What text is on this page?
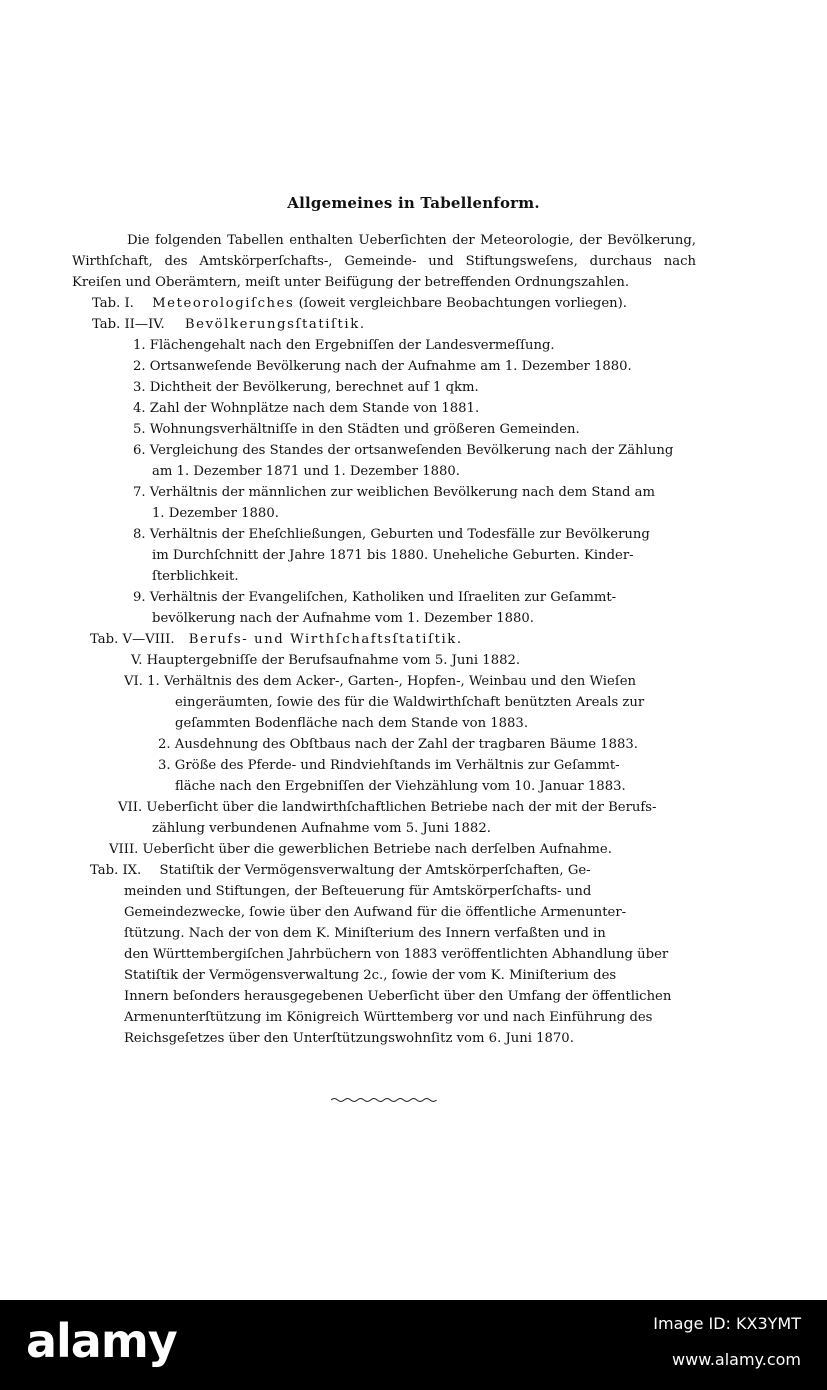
Allgemeines in Tabellenform.
Die folgenden Tabellen enthalten Ueberſichten der Meteorologie, der Bevölkerung,
Wirthſchaft, des Amtskörperſchafts-, Gemeinde- und Stiftungsweſens, durchaus nach
Kreiſen und Oberämtern, meiſt unter Beifügung der betreffenden Ordnungszahlen.
Tab. I. Meteorologiſches (ſoweit vergleichbare Beobachtungen vorliegen).
Tab. II—IV. Bevölkerungsſtatiſtik.
1. Flächengehalt nach den Ergebniſſen der Landesvermeſſung.
2. Ortsanweſende Bevölkerung nach der Aufnahme am 1. Dezember 1880.
3. Dichtheit der Bevölkerung, berechnet auf 1 qkm.
4. Zahl der Wohnplätze nach dem Stande von 1881.
5. Wohnungsverhältniſſe in den Städten und größeren Gemeinden.
6. Vergleichung des Standes der ortsanweſenden Bevölkerung nach der Zählung
am 1. Dezember 1871 und 1. Dezember 1880.
7. Verhältnis der männlichen zur weiblichen Bevölkerung nach dem Stand am
1. Dezember 1880.
8. Verhältnis der Eheſchließungen, Geburten und Todesfälle zur Bevölkerung
im Durchſchnitt der Jahre 1871 bis 1880. Uneheliche Geburten. Kinder-
ſterblichkeit.
9. Verhältnis der Evangeliſchen, Katholiken und Iſraeliten zur Geſammt-
bevölkerung nach der Aufnahme vom 1. Dezember 1880.
Tab. V—VIII. Berufs- und Wirthſchaftsſtatiſtik.
V. Hauptergebniſſe der Berufsaufnahme vom 5. Juni 1882.
VI. 1. Verhältnis des dem Acker-, Garten-, Hopfen-, Weinbau und den Wieſen
eingeräumten, ſowie des für die Waldwirthſchaft benützten Areals zur
geſammten Bodenfläche nach dem Stande von 1883.
2. Ausdehnung des Obſtbaus nach der Zahl der tragbaren Bäume 1883.
3. Größe des Pferde- und Rindviehſtands im Verhältnis zur Geſammt-
fläche nach den Ergebniſſen der Viehzählung vom 10. Januar 1883.
VII. Ueberſicht über die landwirthſchaftlichen Betriebe nach der mit der Berufs-
zählung verbundenen Aufnahme vom 5. Juni 1882.
VIII. Ueberſicht über die gewerblichen Betriebe nach derſelben Aufnahme.
Tab. IX. Statiſtik der Vermögensverwaltung der Amtskörperſchaften, Ge-
meinden und Stiftungen, der Beſteuerung für Amtskörperſchafts- und
Gemeindezwecke, ſowie über den Aufwand für die öffentliche Armenunter-
ſtützung. Nach der von dem K. Miniſterium des Innern verfaßten und in
den Württembergiſchen Jahrbüchern von 1883 veröffentlichten Abhandlung über
Statiſtik der Vermögensverwaltung 2c., ſowie der vom K. Miniſterium des
Innern beſonders herausgegebenen Ueberſicht über den Umfang der öffentlichen
Armenunterſtützung im Königreich Württemberg vor und nach Einführung des
Reichsgeſetzes über den Unterſtützungswohnſitz vom 6. Juni 1870.
alamy	Image ID: KX3YMT
www.alamy.com
